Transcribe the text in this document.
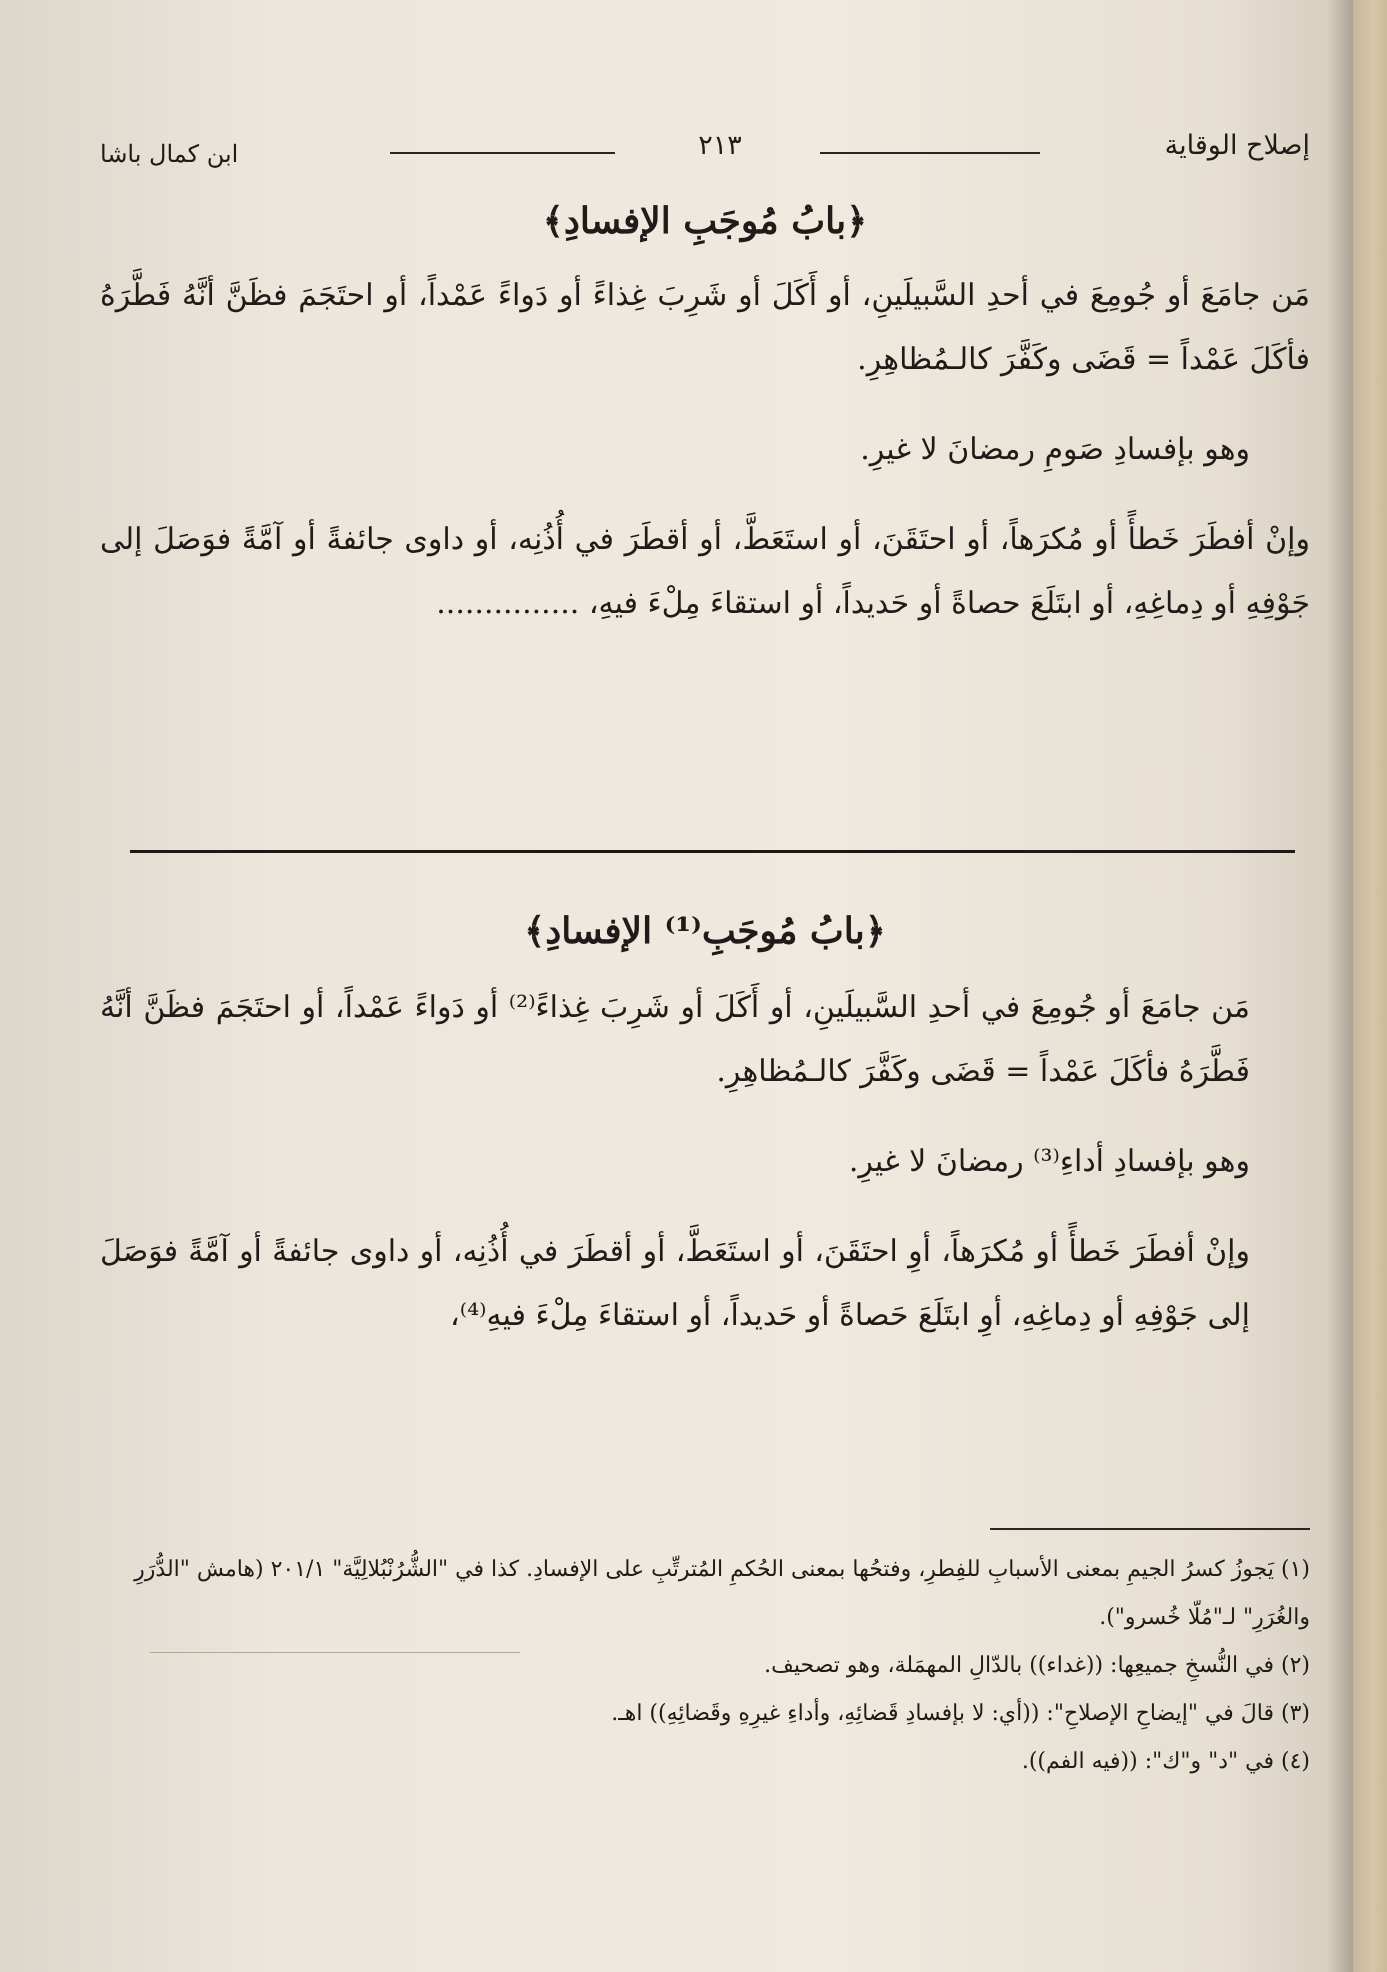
إصلاح الوقاية
٢١٣
ابن كمال باشا
﴿بابُ مُوجَبِ الإفسادِ﴾

مَن جامَعَ أو جُومِعَ في أحدِ السَّبيلَينِ، أو أَكَلَ أو شَرِبَ غِذاءً أو دَواءً عَمْداً، أو احتَجَمَ فظَنَّ أنَّهُ فَطَّرَهُ فأكَلَ عَمْداً = قَضَى وكَفَّرَ كالـمُظاهِرِ.

وهو بإفسادِ صَومِ رمضانَ لا غيرِ.

وإنْ أفطَرَ خَطأً أو مُكرَهاً، أو احتَقَنَ، أو استَعَطَّ، أو أقطَرَ في أُذُنِه، أو داوى جائفةً أو آمَّةً فوَصَلَ إلى جَوْفِهِ أو دِماغِهِ، أو ابتَلَعَ حصاةً أو حَديداً، أو استقاءَ مِلْءَ فيهِ، ...............

﴿بابُ مُوجَبِ⁽¹⁾ الإفسادِ﴾

مَن جامَعَ أو جُومِعَ في أحدِ السَّبيلَينِ، أو أَكَلَ أو شَرِبَ غِذاءً⁽²⁾ أو دَواءً عَمْداً، أو احتَجَمَ فظَنَّ أنَّهُ فَطَّرَهُ فأكَلَ عَمْداً = قَضَى وكَفَّرَ كالـمُظاهِرِ.

وهو بإفسادِ أداءِ⁽³⁾ رمضانَ لا غيرِ.

وإنْ أفطَرَ خَطأً أو مُكرَهاً، أوِ احتَقَنَ، أو استَعَطَّ، أو أقطَرَ في أُذُنِه، أو داوى جائفةً أو آمَّةً فوَصَلَ إلى جَوْفِهِ أو دِماغِهِ، أوِ ابتَلَعَ حَصاةً أو حَديداً، أو استقاءَ مِلْءَ فيهِ⁽⁴⁾،

(١) يَجوزُ كسرُ الجيمِ بمعنى الأسبابِ للفِطرِ، وفتحُها بمعنى الحُكمِ المُترتِّبِ على الإفسادِ. كذا في "الشُّرُنْبُلالِيَّة" ٢٠١/١ (هامش "الدُّرَرِ والغُرَرِ" لـ"مُلّا خُسرو").

(٢) في النُّسخِ جميعِها: ((غداء)) بالدّالِ المهمَلة، وهو تصحيف.

(٣) قالَ في "إيضاحِ الإصلاحِ": ((أي: لا بإفسادِ قَضائِهِ، وأداءِ غيرِهِ وقَضائِهِ)) اهـ.

(٤) في "د" و"ك": ((فيه الفم)).
